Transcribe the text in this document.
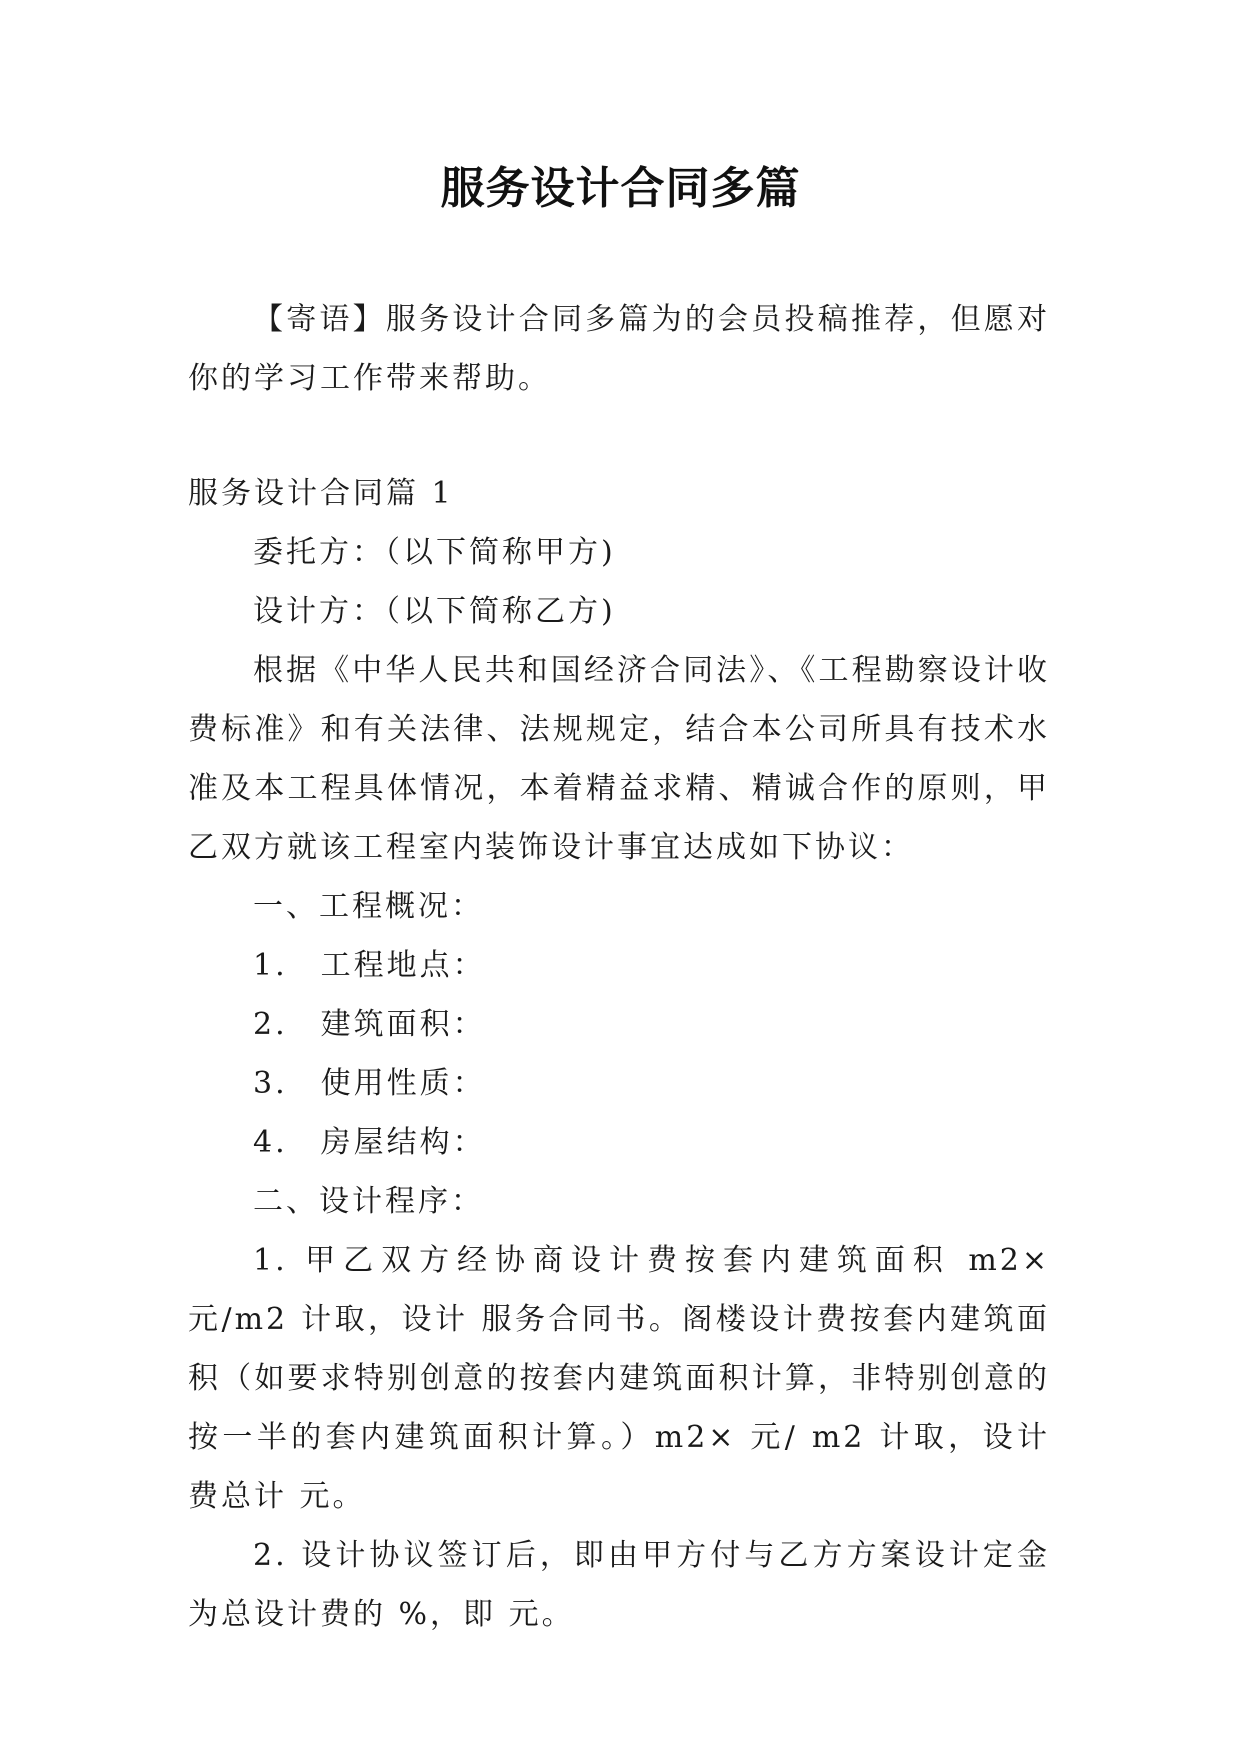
服务设计合同多篇

【寄语】服务设计合同多篇为的会员投稿推荐，但愿对你的学习工作带来帮助。

服务设计合同篇 1

委托方：（以下简称甲方)

设计方：（以下简称乙方)

根据《中华人民共和国经济合同法》、《工程勘察设计收费标准》和有关法律、法规规定，结合本公司所具有技术水准及本工程具体情况，本着精益求精、精诚合作的原则，甲乙双方就该工程室内装饰设计事宜达成如下协议：

一、工程概况：

1.　工程地点：

2.　建筑面积：

3.　使用性质：

4.　房屋结构：

二、设计程序：

1. 甲乙双方经协商设计费按套内建筑面积 m2× 元/m2 计取，设计 服务合同书。阁楼设计费按套内建筑面积（如要求特别创意的按套内建筑面积计算，非特别创意的按一半的套内建筑面积计算。）m2× 元/ m2 计取，设计费总计 元。

2. 设计协议签订后，即由甲方付与乙方方案设计定金为总设计费的 %，即 元。
